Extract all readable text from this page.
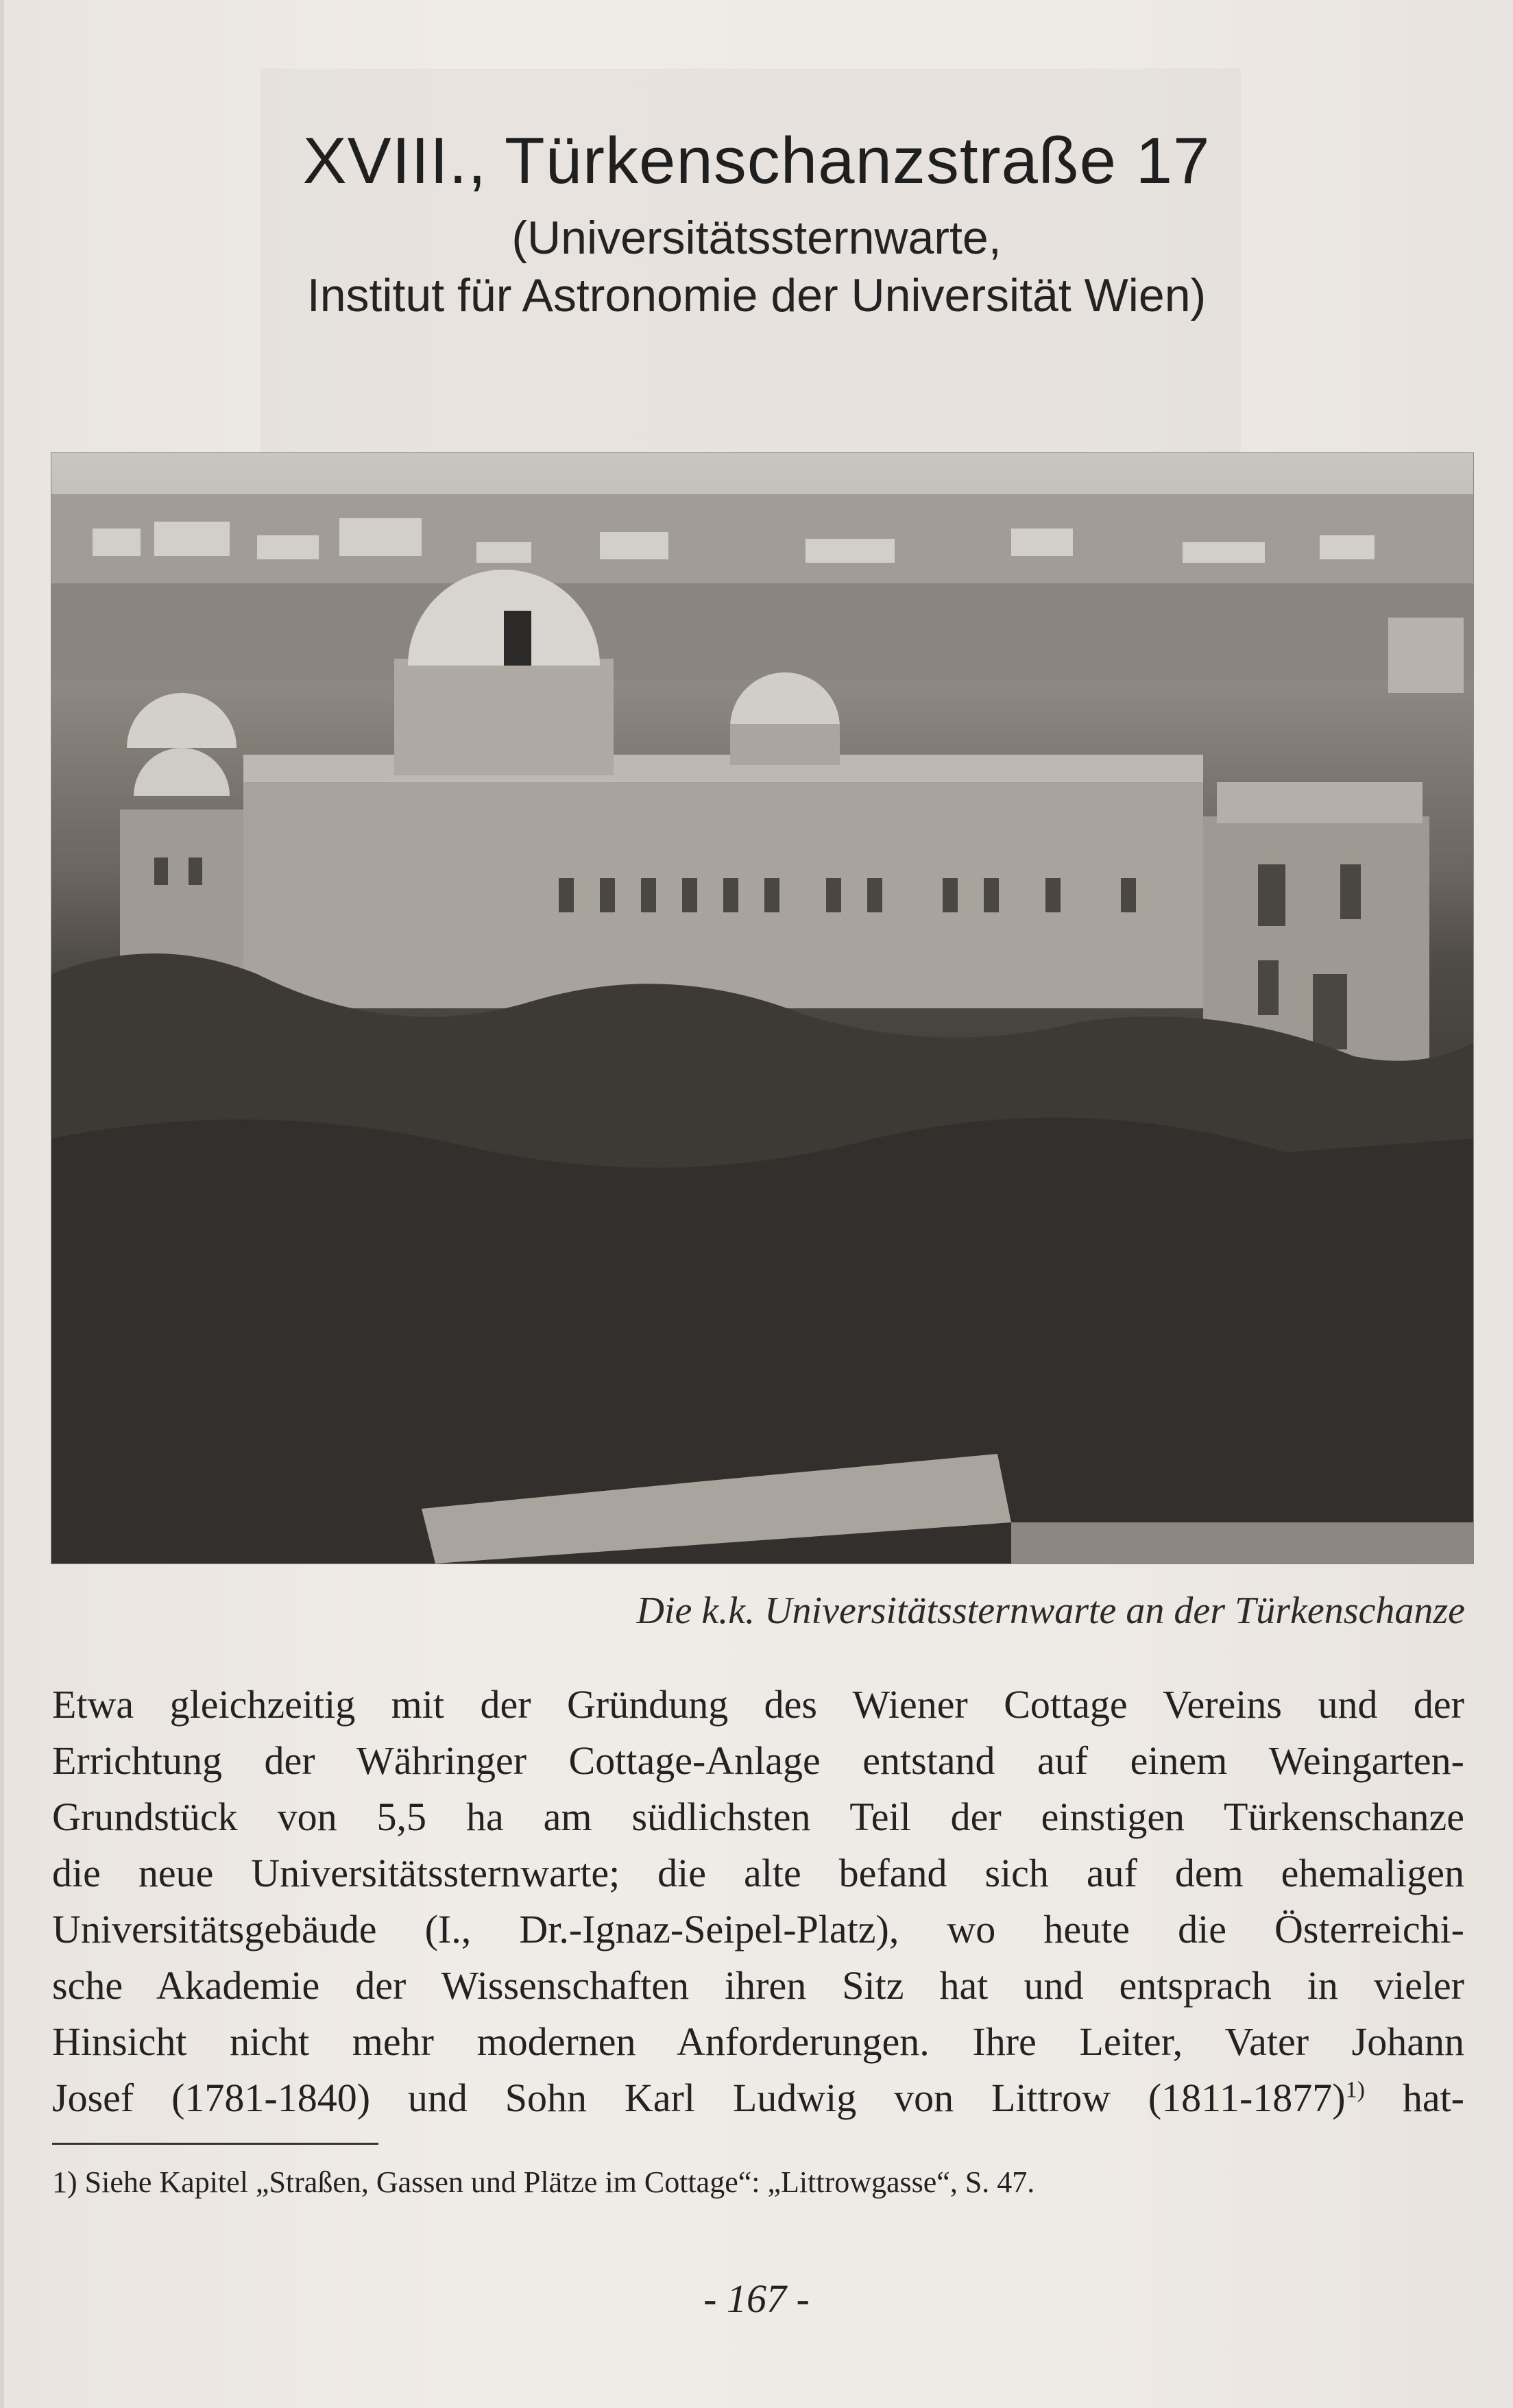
XVIII., Türkenschanzstraße 17

(Universitätssternwarte,

Institut für Astronomie der Universität Wien)

Die k.k. Universitätssternwarte an der Türkenschanze
Etwa gleichzeitig mit der Gründung des Wiener Cottage Vereins und der
Errichtung der Währinger Cottage-Anlage entstand auf einem Weingarten-
Grundstück von 5,5 ha am südlichsten Teil der einstigen Türkenschanze
die neue Universitätssternwarte; die alte befand sich auf dem ehemaligen
Universitätsgebäude (I., Dr.-Ignaz-Seipel-Platz), wo heute die Österreichi-
sche Akademie der Wissenschaften ihren Sitz hat und entsprach in vieler
Hinsicht nicht mehr modernen Anforderungen. Ihre Leiter, Vater Johann
Josef (1781-1840) und Sohn Karl Ludwig von Littrow (1811-1877)$^{1)}$ hat-
1) Siehe Kapitel „Straßen, Gassen und Plätze im Cottage“: „Littrowgasse“, S. 47.
- 167 -
